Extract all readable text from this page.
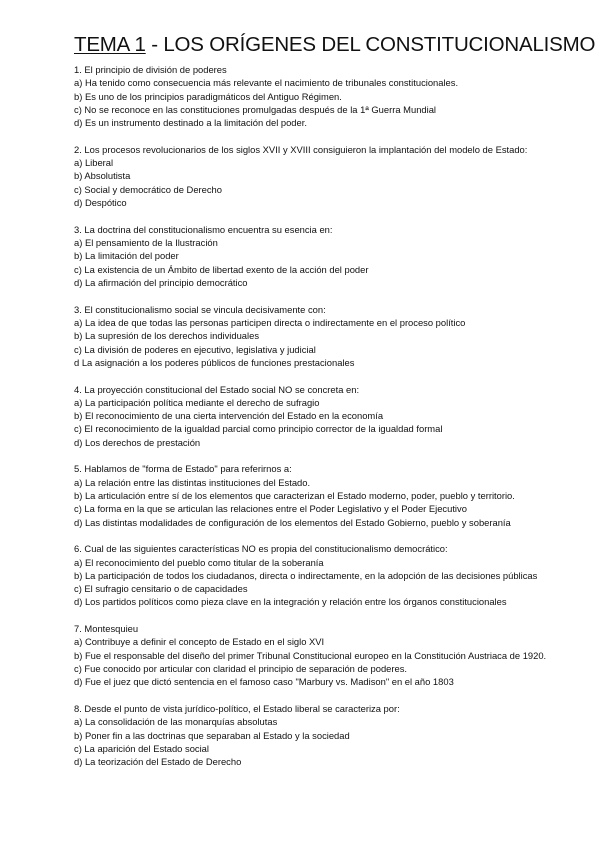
TEMA 1 - LOS ORÍGENES DEL CONSTITUCIONALISMO
1. El principio de división de poderes
a) Ha tenido como consecuencia más relevante el nacimiento de tribunales constitucionales.
b) Es uno de los principios paradigmáticos del Antiguo Régimen.
c) No se reconoce en las constituciones promulgadas después de la 1ª Guerra Mundial
d) Es un instrumento destinado a la limitación del poder.
2. Los procesos revolucionarios de los siglos XVII y XVIII consiguieron la implantación del modelo de Estado:
a) Liberal
b) Absolutista
c) Social y democrático de Derecho
d) Despótico
3. La doctrina del constitucionalismo encuentra su esencia en:
a) El pensamiento de la Ilustración
b) La limitación del poder
c) La existencia de un Ámbito de libertad exento de la acción del poder
d) La afirmación del principio democrático
3. El constitucionalismo social se vincula decisivamente con:
a) La idea de que todas las personas participen directa o indirectamente en el proceso político
b) La supresión de los derechos individuales
c) La división de poderes en ejecutivo, legislativa y judicial
d La asignación a los poderes públicos de funciones prestacionales
4. La proyección constitucional del Estado social NO se concreta en:
a) La participación política mediante el derecho de sufragio
b) El reconocimiento de una cierta intervención del Estado en la economía
c) El reconocimiento de la igualdad parcial como principio corrector de la igualdad formal
d) Los derechos de prestación
5. Hablamos de "forma de Estado" para referirnos a:
a) La relación entre las distintas instituciones del Estado.
b) La articulación entre sí de los elementos que caracterizan el Estado moderno, poder, pueblo y territorio.
c) La forma en la que se articulan las relaciones entre el Poder Legislativo y el Poder Ejecutivo
d) Las distintas modalidades de configuración de los elementos del Estado Gobierno, pueblo y soberanía
6. Cual de las siguientes características NO es propia del constitucionalismo democrático:
a) El reconocimiento del pueblo como titular de la soberanía
b) La participación de todos los ciudadanos, directa o indirectamente, en la adopción de las decisiones públicas
c) El sufragio censitario o de capacidades
d) Los partidos políticos como pieza clave en la integración y relación entre los órganos constitucionales
7. Montesquieu
a) Contribuye a definir el concepto de Estado en el siglo XVI
b) Fue el responsable del diseño del primer Tribunal Constitucional europeo en la Constitución Austriaca de 1920.
c) Fue conocido por articular con claridad el principio de separación de poderes.
d) Fue el juez que dictó sentencia en el famoso caso "Marbury vs. Madison" en el año 1803
8. Desde el punto de vista jurídico-político, el Estado liberal se caracteriza por:
a) La consolidación de las monarquías absolutas
b) Poner fin a las doctrinas que separaban al Estado y la sociedad
c) La aparición del Estado social
d) La teorización del Estado de Derecho
